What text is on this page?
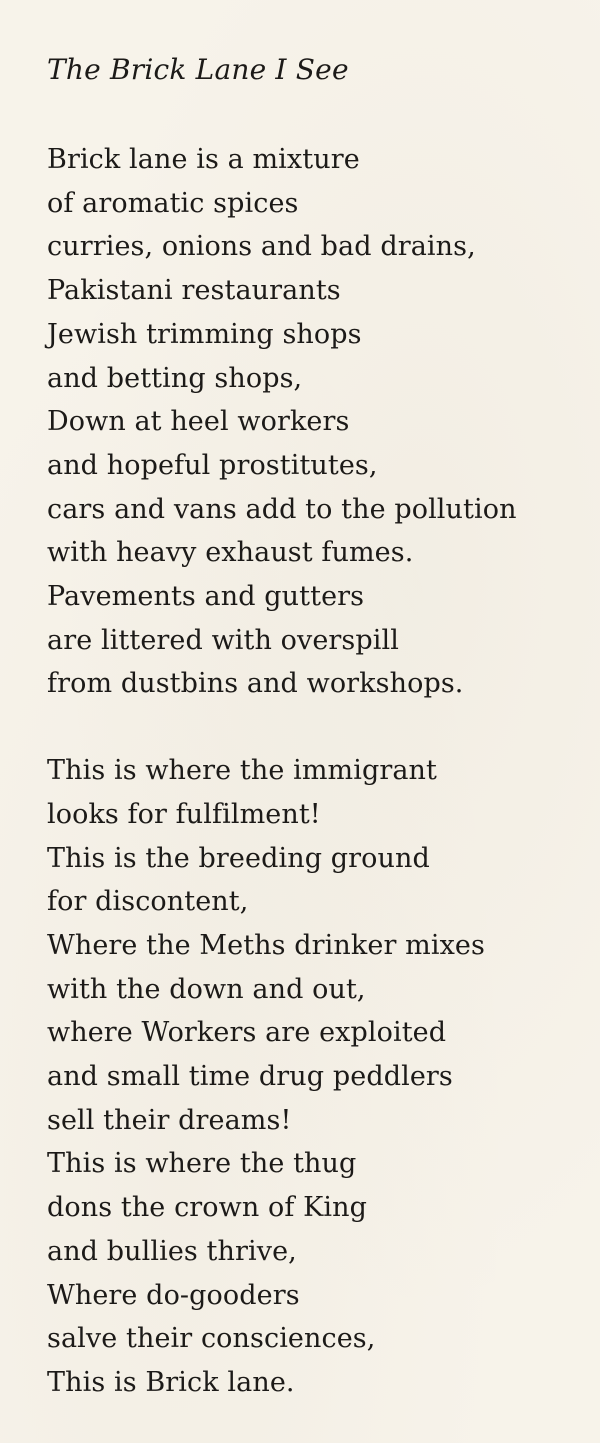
The Brick Lane I See
Brick lane is a mixture
of aromatic spices
curries, onions and bad drains,
Pakistani restaurants
Jewish trimming shops
and betting shops,
Down at heel workers
and hopeful prostitutes,
cars and vans add to the pollution
with heavy exhaust fumes.
Pavements and gutters
are littered with overspill
from dustbins and workshops.
This is where the immigrant
looks for fulfilment!
This is the breeding ground
for discontent,
Where the Meths drinker mixes
with the down and out,
where Workers are exploited
and small time drug peddlers
sell their dreams!
This is where the thug
dons the crown of King
and bullies thrive,
Where do-gooders
salve their consciences,
This is Brick lane.
